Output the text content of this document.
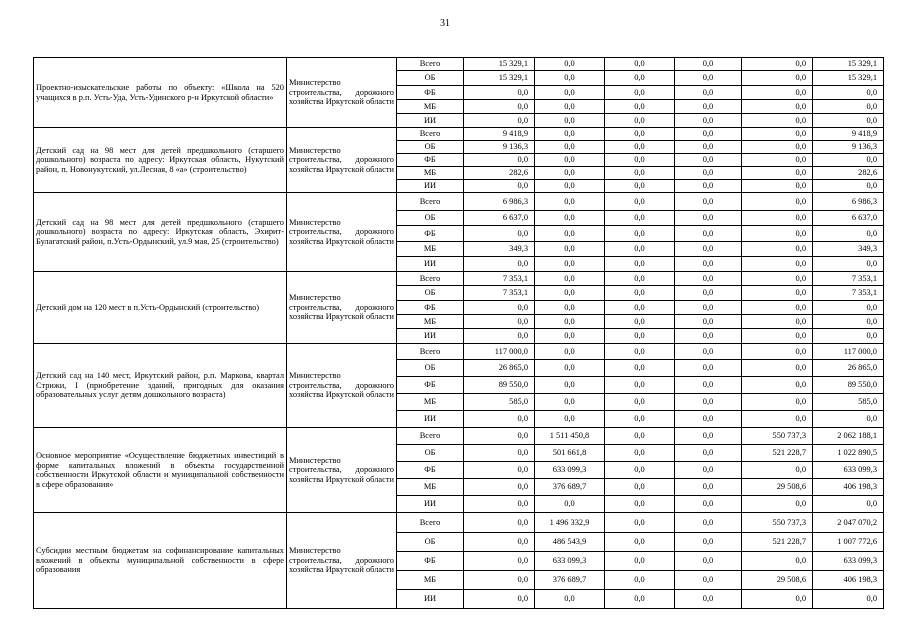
31
Проектно-изыскательские работы по объекту: «Школа на 520 учащихся в р.п. Усть-Уда, Усть-Удинского р-н Иркутской области»	Министерство строительства, дорожного хозяйства Иркутской области	Всего	15 329,1	0,0	0,0	0,0	0,0	15 329,1
		ОБ	15 329,1	0,0	0,0	0,0	0,0	15 329,1
		ФБ	0,0	0,0	0,0	0,0	0,0	0,0
		МБ	0,0	0,0	0,0	0,0	0,0	0,0
		ИИ	0,0	0,0	0,0	0,0	0,0	0,0
Детский сад на 98 мест для детей предшкольного (старшего дошкольного) возраста по адресу: Иркутская область, Нукутский район, п. Новонукутский, ул.Лесная, 8 «а» (строительство)	Министерство строительства, дорожного хозяйства Иркутской области	Всего	9 418,9	0,0	0,0	0,0	0,0	9 418,9
		ОБ	9 136,3	0,0	0,0	0,0	0,0	9 136,3
		ФБ	0,0	0,0	0,0	0,0	0,0	0,0
		МБ	282,6	0,0	0,0	0,0	0,0	282,6
		ИИ	0,0	0,0	0,0	0,0	0,0	0,0
Детский сад на 98 мест для детей предшкольного (старшего дошкольного) возраста по адресу: Иркутская область, Эхирит-Булагатский район, п.Усть-Ордынский, ул.9 мая, 25 (строительство)	Министерство строительства, дорожного хозяйства Иркутской области	Всего	6 986,3	0,0	0,0	0,0	0,0	6 986,3
		ОБ	6 637,0	0,0	0,0	0,0	0,0	6 637,0
		ФБ	0,0	0,0	0,0	0,0	0,0	0,0
		МБ	349,3	0,0	0,0	0,0	0,0	349,3
		ИИ	0,0	0,0	0,0	0,0	0,0	0,0
Детский дом на 120 мест в п.Усть-Ордынский (строительство)	Министерство строительства, дорожного хозяйства Иркутской области	Всего	7 353,1	0,0	0,0	0,0	0,0	7 353,1
		ОБ	7 353,1	0,0	0,0	0,0	0,0	7 353,1
		ФБ	0,0	0,0	0,0	0,0	0,0	0,0
		МБ	0,0	0,0	0,0	0,0	0,0	0,0
		ИИ	0,0	0,0	0,0	0,0	0,0	0,0
Детский сад на 140 мест, Иркутский район, р.п. Маркова, квартал Стрижи, I (приобретение зданий, пригодных для оказания образовательных услуг детям дошкольного возраста)	Министерство строительства, дорожного хозяйства Иркутской области	Всего	117 000,0	0,0	0,0	0,0	0,0	117 000,0
		ОБ	26 865,0	0,0	0,0	0,0	0,0	26 865,0
		ФБ	89 550,0	0,0	0,0	0,0	0,0	89 550,0
		МБ	585,0	0,0	0,0	0,0	0,0	585,0
		ИИ	0,0	0,0	0,0	0,0	0,0	0,0
Основное мероприятие «Осуществление бюджетных инвестиций в форме капитальных вложений в объекты государственной собственности Иркутской области и муниципальной собственности в сфере образования»	Министерство строительства, дорожного хозяйства Иркутской области	Всего	0,0	1 511 450,8	0,0	0,0	550 737,3	2 062 188,1
		ОБ	0,0	501 661,8	0,0	0,0	521 228,7	1 022 890,5
		ФБ	0,0	633 099,3	0,0	0,0	0,0	633 099,3
		МБ	0,0	376 689,7	0,0	0,0	29 508,6	406 198,3
		ИИ	0,0	0,0	0,0	0,0	0,0	0,0
Субсидии местным бюджетам на софинансирование капитальных вложений в объекты муниципальной собственности в сфере образования	Министерство строительства, дорожного хозяйства Иркутской области	Всего	0,0	1 496 332,9	0,0	0,0	550 737,3	2 047 070,2
		ОБ	0,0	486 543,9	0,0	0,0	521 228,7	1 007 772,6
		ФБ	0,0	633 099,3	0,0	0,0	0,0	633 099,3
		МБ	0,0	376 689,7	0,0	0,0	29 508,6	406 198,3
		ИИ	0,0	0,0	0,0	0,0	0,0	0,0
